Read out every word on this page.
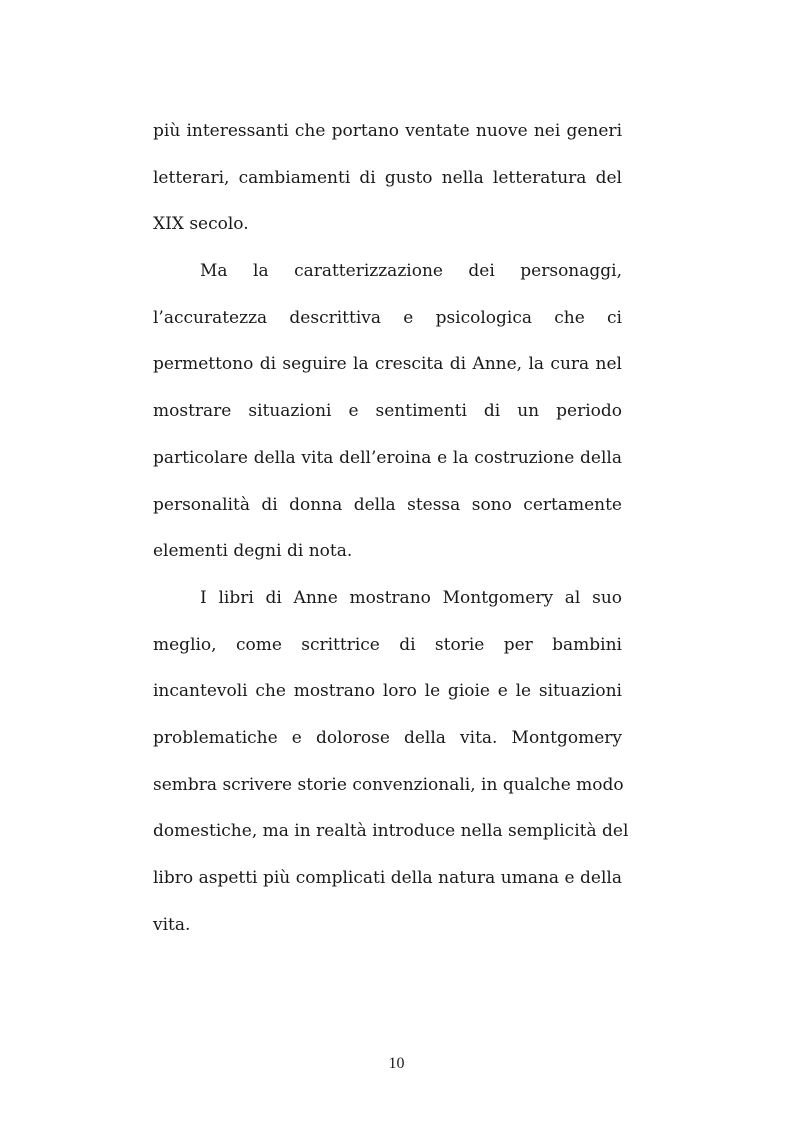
più interessanti che portano ventate nuove nei generi
letterari, cambiamenti di gusto nella letteratura del
XIX secolo.
Ma la caratterizzazione dei personaggi,
l’accuratezza descrittiva e psicologica che ci
permettono di seguire la crescita di Anne, la cura nel
mostrare situazioni e sentimenti di un periodo
particolare della vita dell’eroina e la costruzione della
personalità di donna della stessa sono certamente
elementi degni di nota.
I libri di Anne mostrano Montgomery al suo
meglio, come scrittrice di storie per bambini
incantevoli che mostrano loro le gioie e le situazioni
problematiche e dolorose della vita. Montgomery
sembra scrivere storie convenzionali, in qualche modo
domestiche, ma in realtà introduce nella semplicità del
libro aspetti più complicati della natura umana e della
vita.
10
